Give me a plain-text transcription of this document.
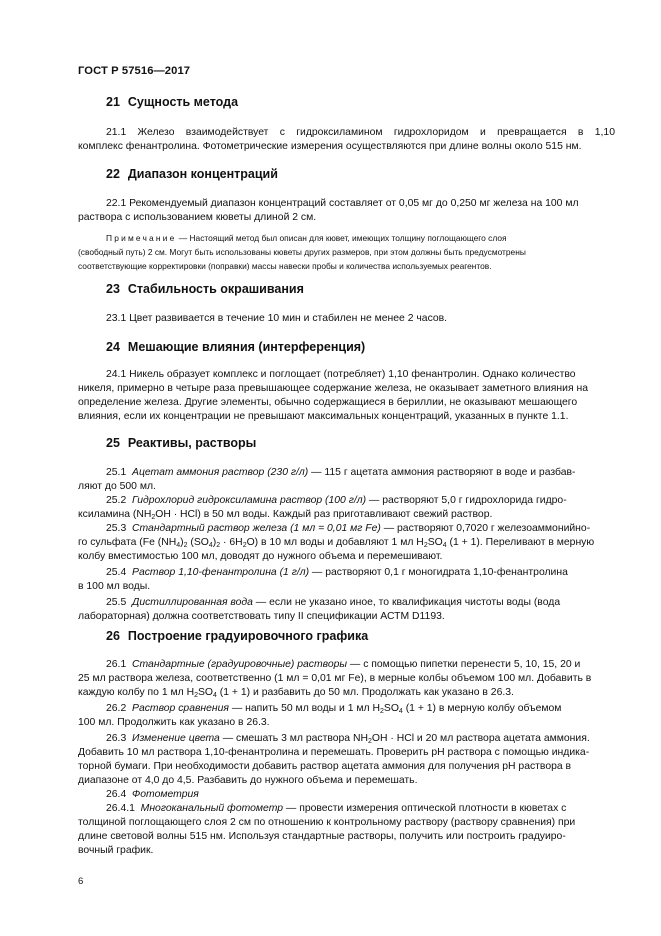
ГОСТ Р 57516—2017
21 Сущность метода
21.1 Железо взаимодействует с гидроксиламином гидрохлоридом и превращается в 1,10
комплекс фенантролина. Фотометрические измерения осуществляются при длине волны около 515 нм.
22 Диапазон концентраций
22.1 Рекомендуемый диапазон концентраций составляет от 0,05 мг до 0,250 мг железа на 100 мл
раствора с использованием кюветы длиной 2 см.
Примечание — Настоящий метод был описан для кювет, имеющих толщину поглощающего слоя
(свободный путь) 2 см. Могут быть использованы кюветы других размеров, при этом должны быть предусмотрены
соответствующие корректировки (поправки) массы навески пробы и количества используемых реагентов.
23 Стабильность окрашивания
23.1 Цвет развивается в течение 10 мин и стабилен не менее 2 часов.
24 Мешающие влияния (интерференция)
24.1 Никель образует комплекс и поглощает (потребляет) 1,10 фенантролин. Однако количество
никеля, примерно в четыре раза превышающее содержание железа, не оказывает заметного влияния на
определение железа. Другие элементы, обычно содержащиеся в бериллии, не оказывают мешающего
влияния, если их концентрации не превышают максимальных концентраций, указанных в пункте 1.1.
25 Реактивы, растворы
25.1 Ацетат аммония раствор (230 г/л) — 115 г ацетата аммония растворяют в воде и разбав-
ляют до 500 мл.
25.2 Гидрохлорид гидроксиламина раствор (100 г/л) — растворяют 5,0 г гидрохлорида гидро-
ксиламина $(NH_2OH \cdot HCl)$ в 50 мл воды. Каждый раз приготавливают свежий раствор.
25.3 Стандартный раствор железа (1 мл = 0,01 мг Fe) — растворяют 0,7020 г железоаммонийно-
го сульфата (Fe $(NH_4)_2$ $(SO_4)_2 \cdot 6H_2O$) в 10 мл воды и добавляют 1 мл $H_2SO_4$ (1 + 1). Переливают в мерную
колбу вместимостью 100 мл, доводят до нужного объема и перемешивают.
25.4 Раствор 1,10-фенантролина (1 г/л) — растворяют 0,1 г моногидрата 1,10-фенантролина
в 100 мл воды.
25.5 Дистиллированная вода — если не указано иное, то квалификация чистоты воды (вода
лабораторная) должна соответствовать типу II спецификации АСТМ D1193.
26 Построение градуировочного графика
26.1 Стандартные (градуировочные) растворы — с помощью пипетки перенести 5, 10, 15, 20 и
25 мл раствора железа, соответственно (1 мл = 0,01 мг Fe), в мерные колбы объемом 100 мл. Добавить в
каждую колбу по 1 мл $H_2SO_4$ (1 + 1) и разбавить до 50 мл. Продолжать как указано в 26.3.
26.2 Раствор сравнения — напить 50 мл воды и 1 мл $H_2SO_4$ (1 + 1) в мерную колбу объемом
100 мл. Продолжить как указано в 26.3.
26.3 Изменение цвета — смешать 3 мл раствора $NH_2OH$ · HCl и 20 мл раствора ацетата аммония.
Добавить 10 мл раствора 1,10-фенантролина и перемешать. Проверить pH раствора с помощью индика-
торной бумаги. При необходимости добавить раствор ацетата аммония для получения pH раствора в
диапазоне от 4,0 до 4,5. Разбавить до нужного объема и перемешать.
26.4 Фотометрия
26.4.1 Многоканальный фотометр — провести измерения оптической плотности в кюветах с
толщиной поглощающего слоя 2 см по отношению к контрольному раствору (раствору сравнения) при
длине световой волны 515 нм. Используя стандартные растворы, получить или построить градуиро-
вочный график.
6
